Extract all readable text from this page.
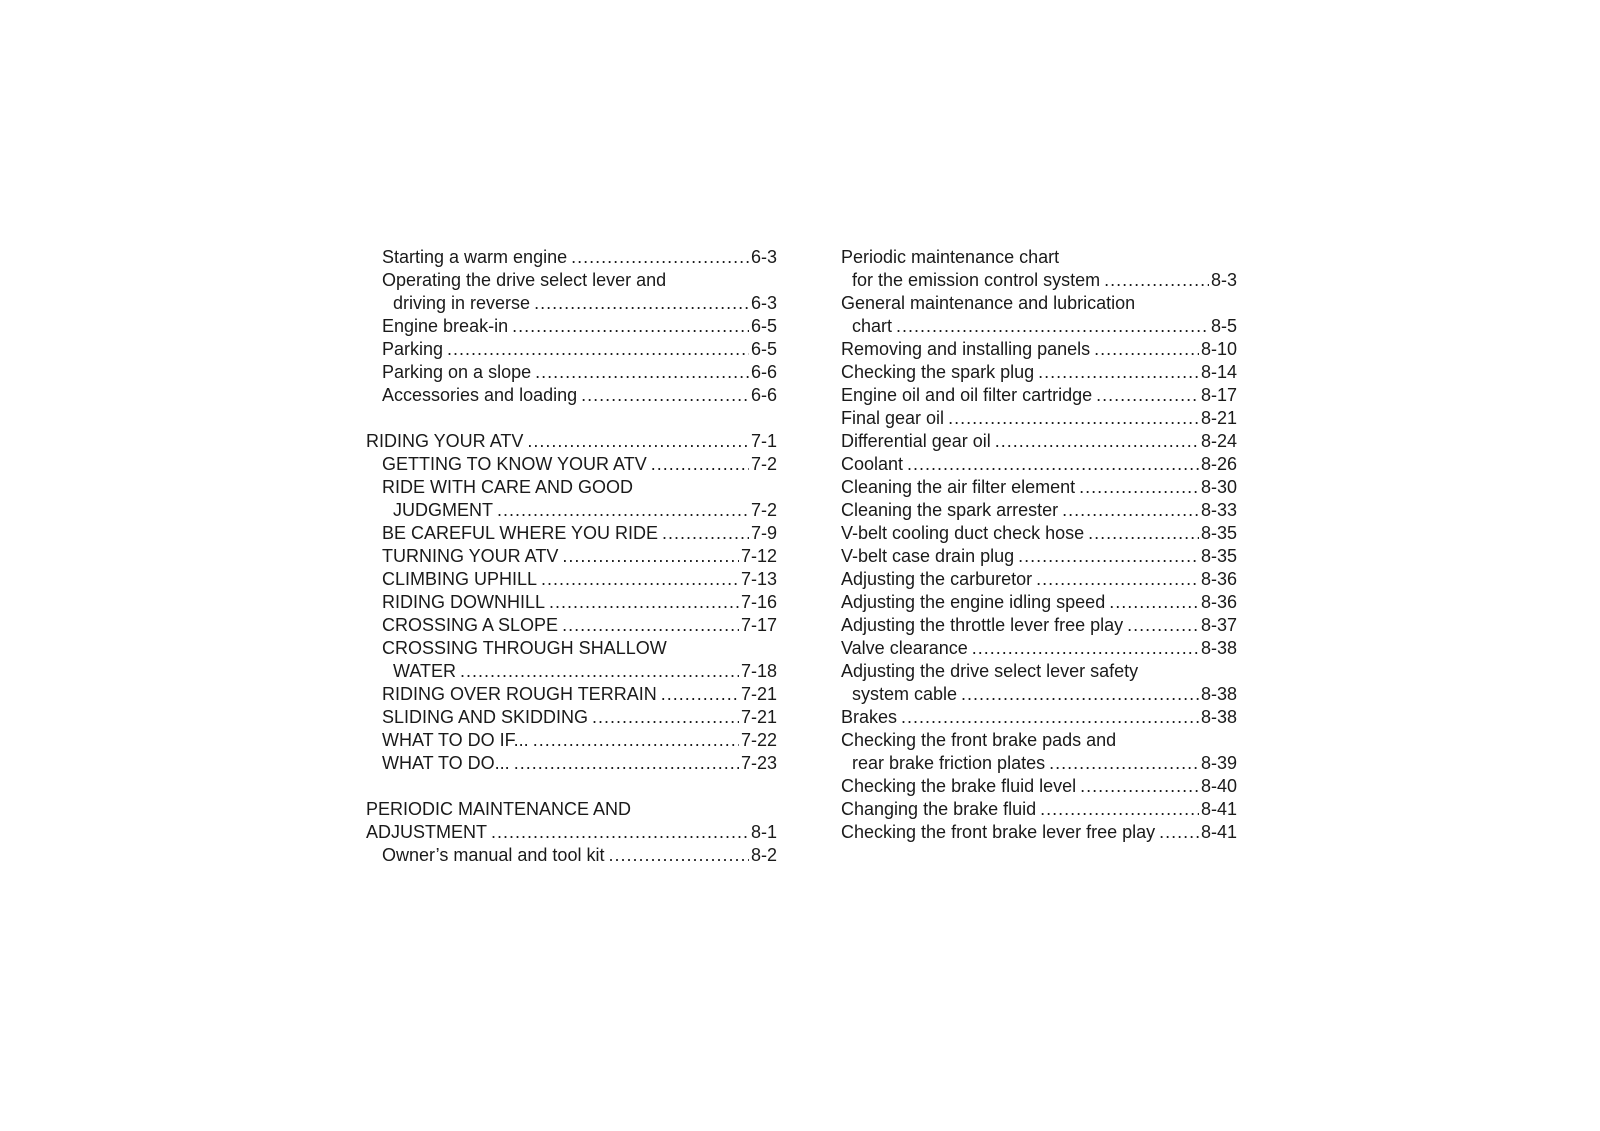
Starting a warm engine .....	6-3
Operating the drive select lever and
driving in reverse .....	6-3
Engine break-in .....	6-5
Parking .....	6-5
Parking on a slope .....	6-6
Accessories and loading .....	6-6
RIDING YOUR ATV .....	7-1
GETTING TO KNOW YOUR ATV .....	7-2
RIDE WITH CARE AND GOOD
JUDGMENT .....	7-2
BE CAREFUL WHERE YOU RIDE .....	7-9
TURNING YOUR ATV .....	7-12
CLIMBING UPHILL .....	7-13
RIDING DOWNHILL .....	7-16
CROSSING A SLOPE .....	7-17
CROSSING THROUGH SHALLOW
WATER .....	7-18
RIDING OVER ROUGH TERRAIN .....	7-21
SLIDING AND SKIDDING .....	7-21
WHAT TO DO IF... .....	7-22
WHAT TO DO... .....	7-23
PERIODIC MAINTENANCE AND
ADJUSTMENT .....	8-1
Owner’s manual and tool kit .....	8-2
Periodic maintenance chart
for the emission control system .....	8-3
General maintenance and lubrication
chart .....	8-5
Removing and installing panels .....	8-10
Checking the spark plug .....	8-14
Engine oil and oil filter cartridge .....	8-17
Final gear oil .....	8-21
Differential gear oil .....	8-24
Coolant .....	8-26
Cleaning the air filter element .....	8-30
Cleaning the spark arrester .....	8-33
V-belt cooling duct check hose .....	8-35
V-belt case drain plug .....	8-35
Adjusting the carburetor .....	8-36
Adjusting the engine idling speed .....	8-36
Adjusting the throttle lever free play .....	8-37
Valve clearance .....	8-38
Adjusting the drive select lever safety
system cable .....	8-38
Brakes .....	8-38
Checking the front brake pads and
rear brake friction plates .....	8-39
Checking the brake fluid level .....	8-40
Changing the brake fluid .....	8-41
Checking the front brake lever free play .....	8-41
